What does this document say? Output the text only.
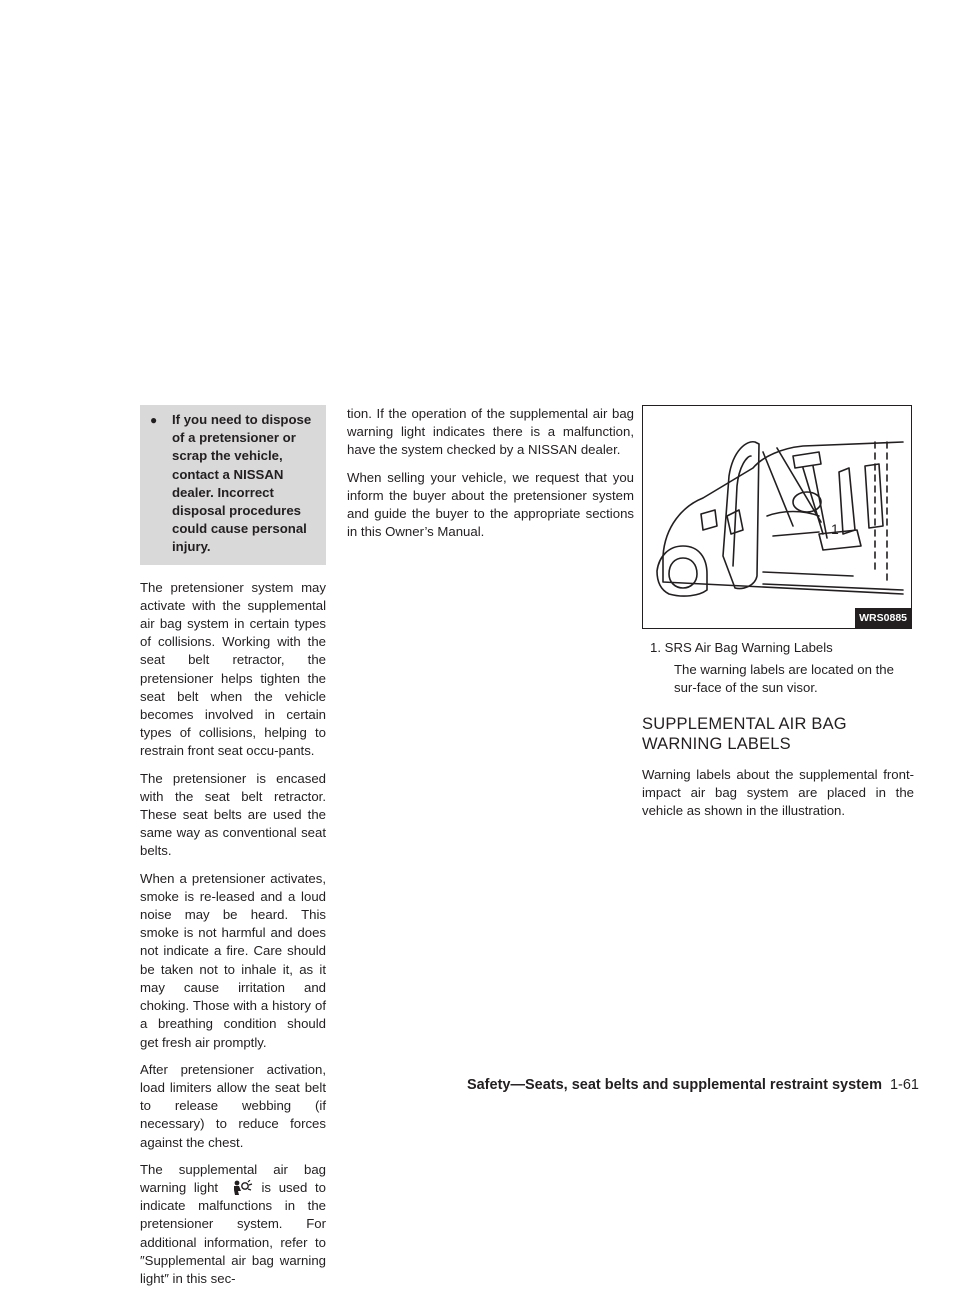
●	If you need to dispose of a pretensioner or scrap the vehicle, contact a NISSAN dealer. Incorrect disposal procedures could cause personal injury.

The pretensioner system may activate with the supplemental air bag system in certain types of collisions. Working with the seat belt retractor, the pretensioner helps tighten the seat belt when the vehicle becomes involved in certain types of collisions, helping to restrain front seat occu-pants.

The pretensioner is encased with the seat belt retractor. These seat belts are used the same way as conventional seat belts.

When a pretensioner activates, smoke is re-leased and a loud noise may be heard. This smoke is not harmful and does not indicate a fire. Care should be taken not to inhale it, as it may cause irritation and choking. Those with a history of a breathing condition should get fresh air promptly.

After pretensioner activation, load limiters allow the seat belt to release webbing (if necessary) to reduce forces against the chest.

The supplemental air bag warning light	is used to indicate malfunctions in the pretensioner system. For additional information, refer to ″Supplemental air bag warning light″ in this sec-

tion. If the operation of the supplemental air bag warning light indicates there is a malfunction, have the system checked by a NISSAN dealer.

When selling your vehicle, we request that you inform the buyer about the pretensioner system and guide the buyer to the appropriate sections in this Owner’s Manual.	1
WRS0885
1. SRS Air Bag Warning Labels
The warning labels are located on the sur-face of the sun visor.
SUPPLEMENTAL AIR BAG
WARNING LABELS

Warning labels about the supplemental front-impact air bag system are placed in the vehicle as shown in the illustration.

Safety—Seats, seat belts and supplemental restraint system 1-61
